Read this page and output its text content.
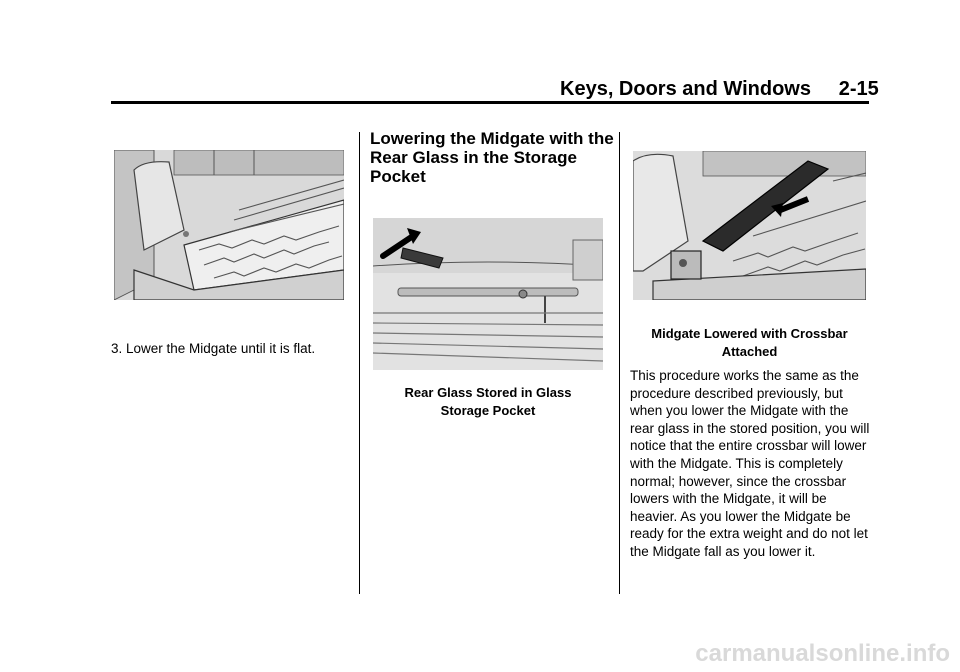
Keys, Doors and Windows 2-15
3. Lower the Midgate until it is flat.
Lowering the Midgate with the Rear Glass in the Storage Pocket
Rear Glass Stored in Glass
Storage Pocket
Midgate Lowered with Crossbar
Attached
This procedure works the same as the procedure described previously, but when you lower the Midgate with the rear glass in the stored position, you will notice that the entire crossbar will lower with the Midgate. This is completely normal; however, since the crossbar lowers with the Midgate, it will be heavier. As you lower the Midgate be ready for the extra weight and do not let the Midgate fall as you lower it.
carmanualsonline.info
